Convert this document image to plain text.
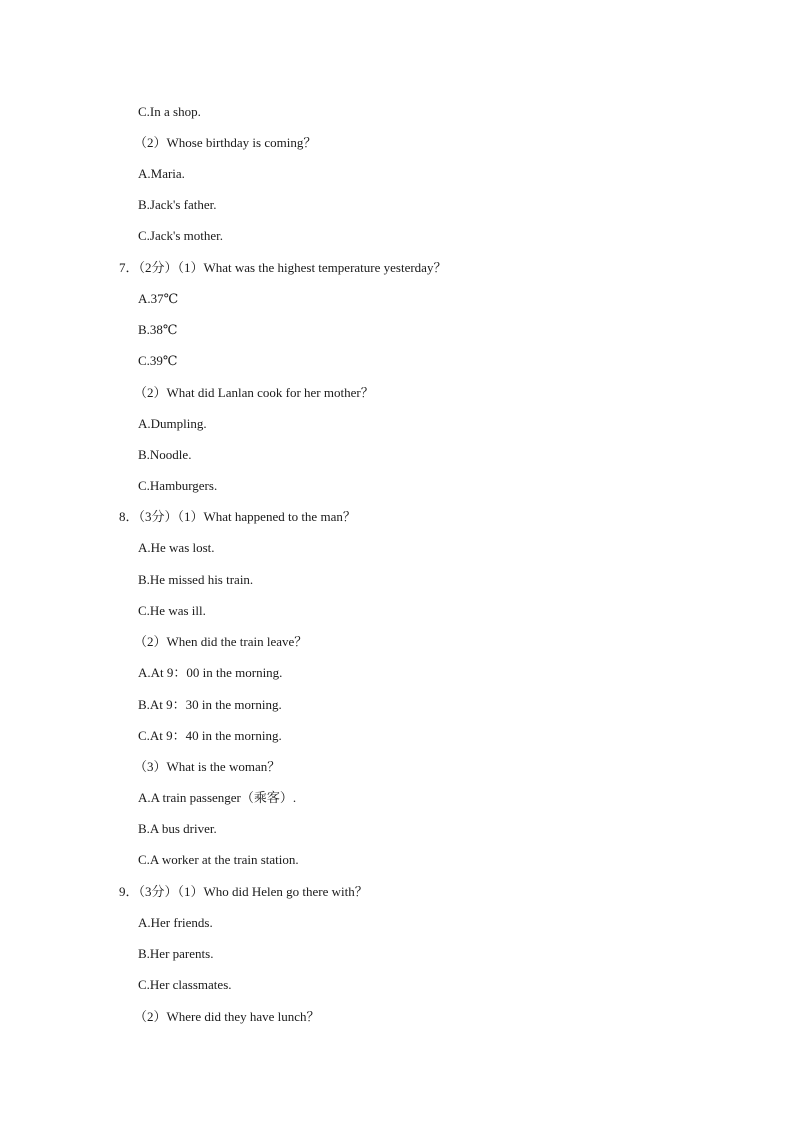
C.In a shop.
（2）Whose birthday is coming？
A.Maria.
B.Jack's father.
C.Jack's mother.
7．（2分）（1）What was the highest temperature yesterday？
A.37℃
B.38℃
C.39℃
（2）What did Lanlan cook for her mother？
A.Dumpling.
B.Noodle.
C.Hamburgers.
8．（3分）（1）What happened to the man？
A.He was lost.
B.He missed his train.
C.He was ill.
（2）When did the train leave？
A.At 9：00 in the morning.
B.At 9：30 in the morning.
C.At 9：40 in the morning.
（3）What is the woman？
A.A train passenger（乘客）.
B.A bus driver.
C.A worker at the train station.
9．（3分）（1）Who did Helen go there with？
A.Her friends.
B.Her parents.
C.Her classmates.
（2）Where did they have lunch？
